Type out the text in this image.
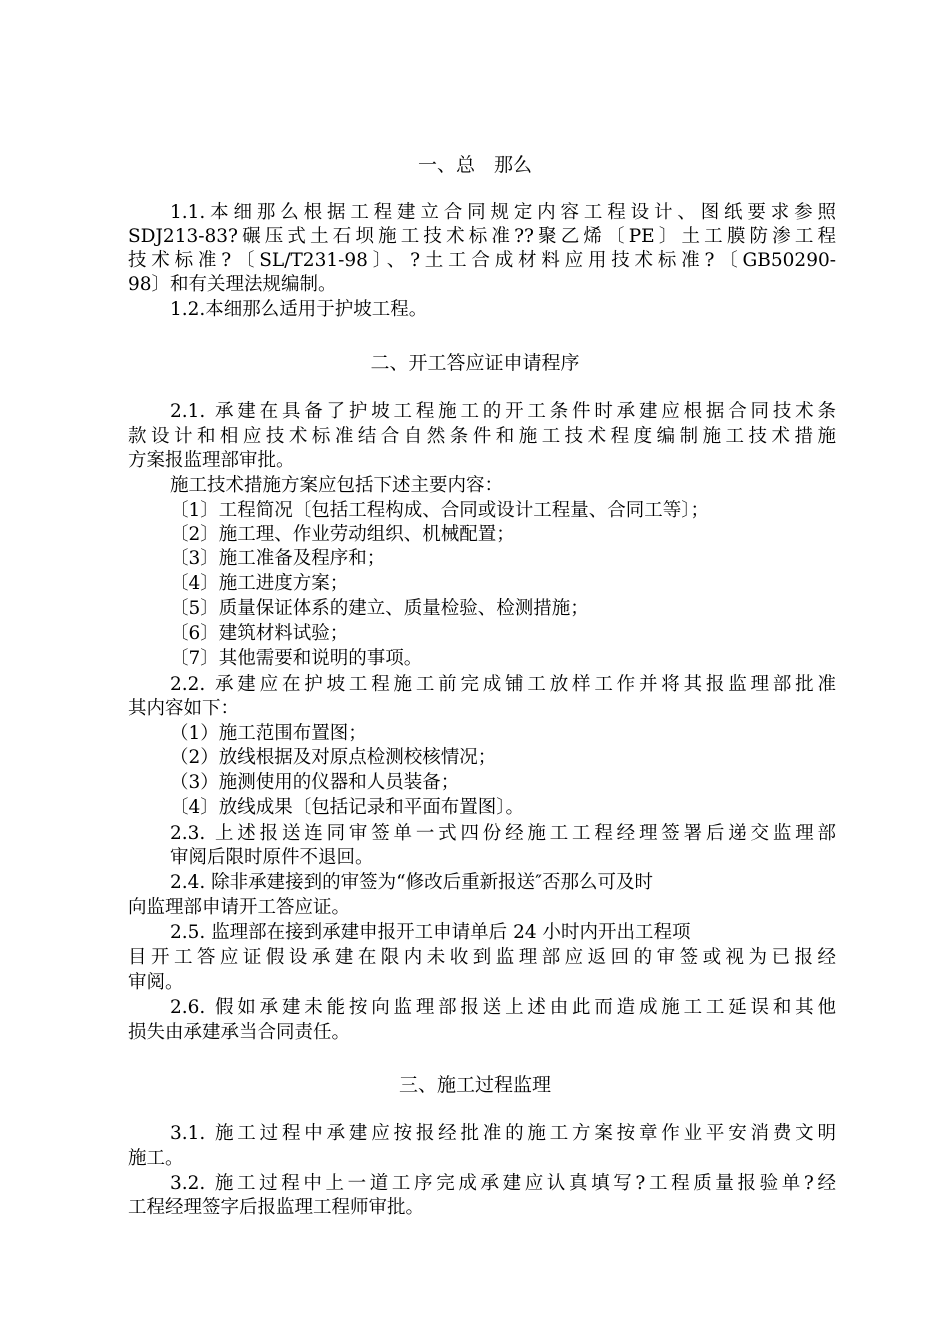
一、总　那么
1.1.本细那么根据工程建立合同规定内容工程设计、图纸要求参照
SDJ213-83?碾压式土石坝施工技术标准??聚乙烯〔PE〕土工膜防渗工程
技术标准?〔SL/T231-98〕、?土工合成材料应用技术标准?〔GB50290-
98〕和有关理法规编制。
1.2.本细那么适用于护坡工程。
二、开工答应证申请程序
2.1. 承建在具备了护坡工程施工的开工条件时承建应根据合同技术条
款设计和相应技术标准结合自然条件和施工技术程度编制施工技术措施
方案报监理部审批。
施工技术措施方案应包括下述主要内容：
〔1〕工程简况〔包括工程构成、合同或设计工程量、合同工等〕；
〔2〕施工理、作业劳动组织、机械配置；
〔3〕施工准备及程序和；
〔4〕施工进度方案；
〔5〕质量保证体系的建立、质量检验、检测措施；
〔6〕建筑材料试验；
〔7〕其他需要和说明的事项。
2.2. 承建应在护坡工程施工前完成铺工放样工作并将其报监理部批准
其内容如下：
（1）施工范围布置图；
（2）放线根据及对原点检测校核情况；
（3）施测使用的仪器和人员装备；
〔4〕放线成果〔包括记录和平面布置图〕。
2.3. 上述报送连同审签单一式四份经施工工程经理签署后递交监理部
审阅后限时原件不退回。
2.4. 除非承建接到的审签为“修改后重新报送″否那么可及时
向监理部申请开工答应证。
2.5. 监理部在接到承建申报开工申请单后 24 小时内开出工程项
目开工答应证假设承建在限内未收到监理部应返回的审签或视为已报经
审阅。
2.6. 假如承建未能按向监理部报送上述由此而造成施工工延误和其他
损失由承建承当合同责任。
三、施工过程监理
3.1. 施工过程中承建应按报经批准的施工方案按章作业平安消费文明
施工。
3.2. 施工过程中上一道工序完成承建应认真填写?工程质量报验单?经
工程经理签字后报监理工程师审批。
